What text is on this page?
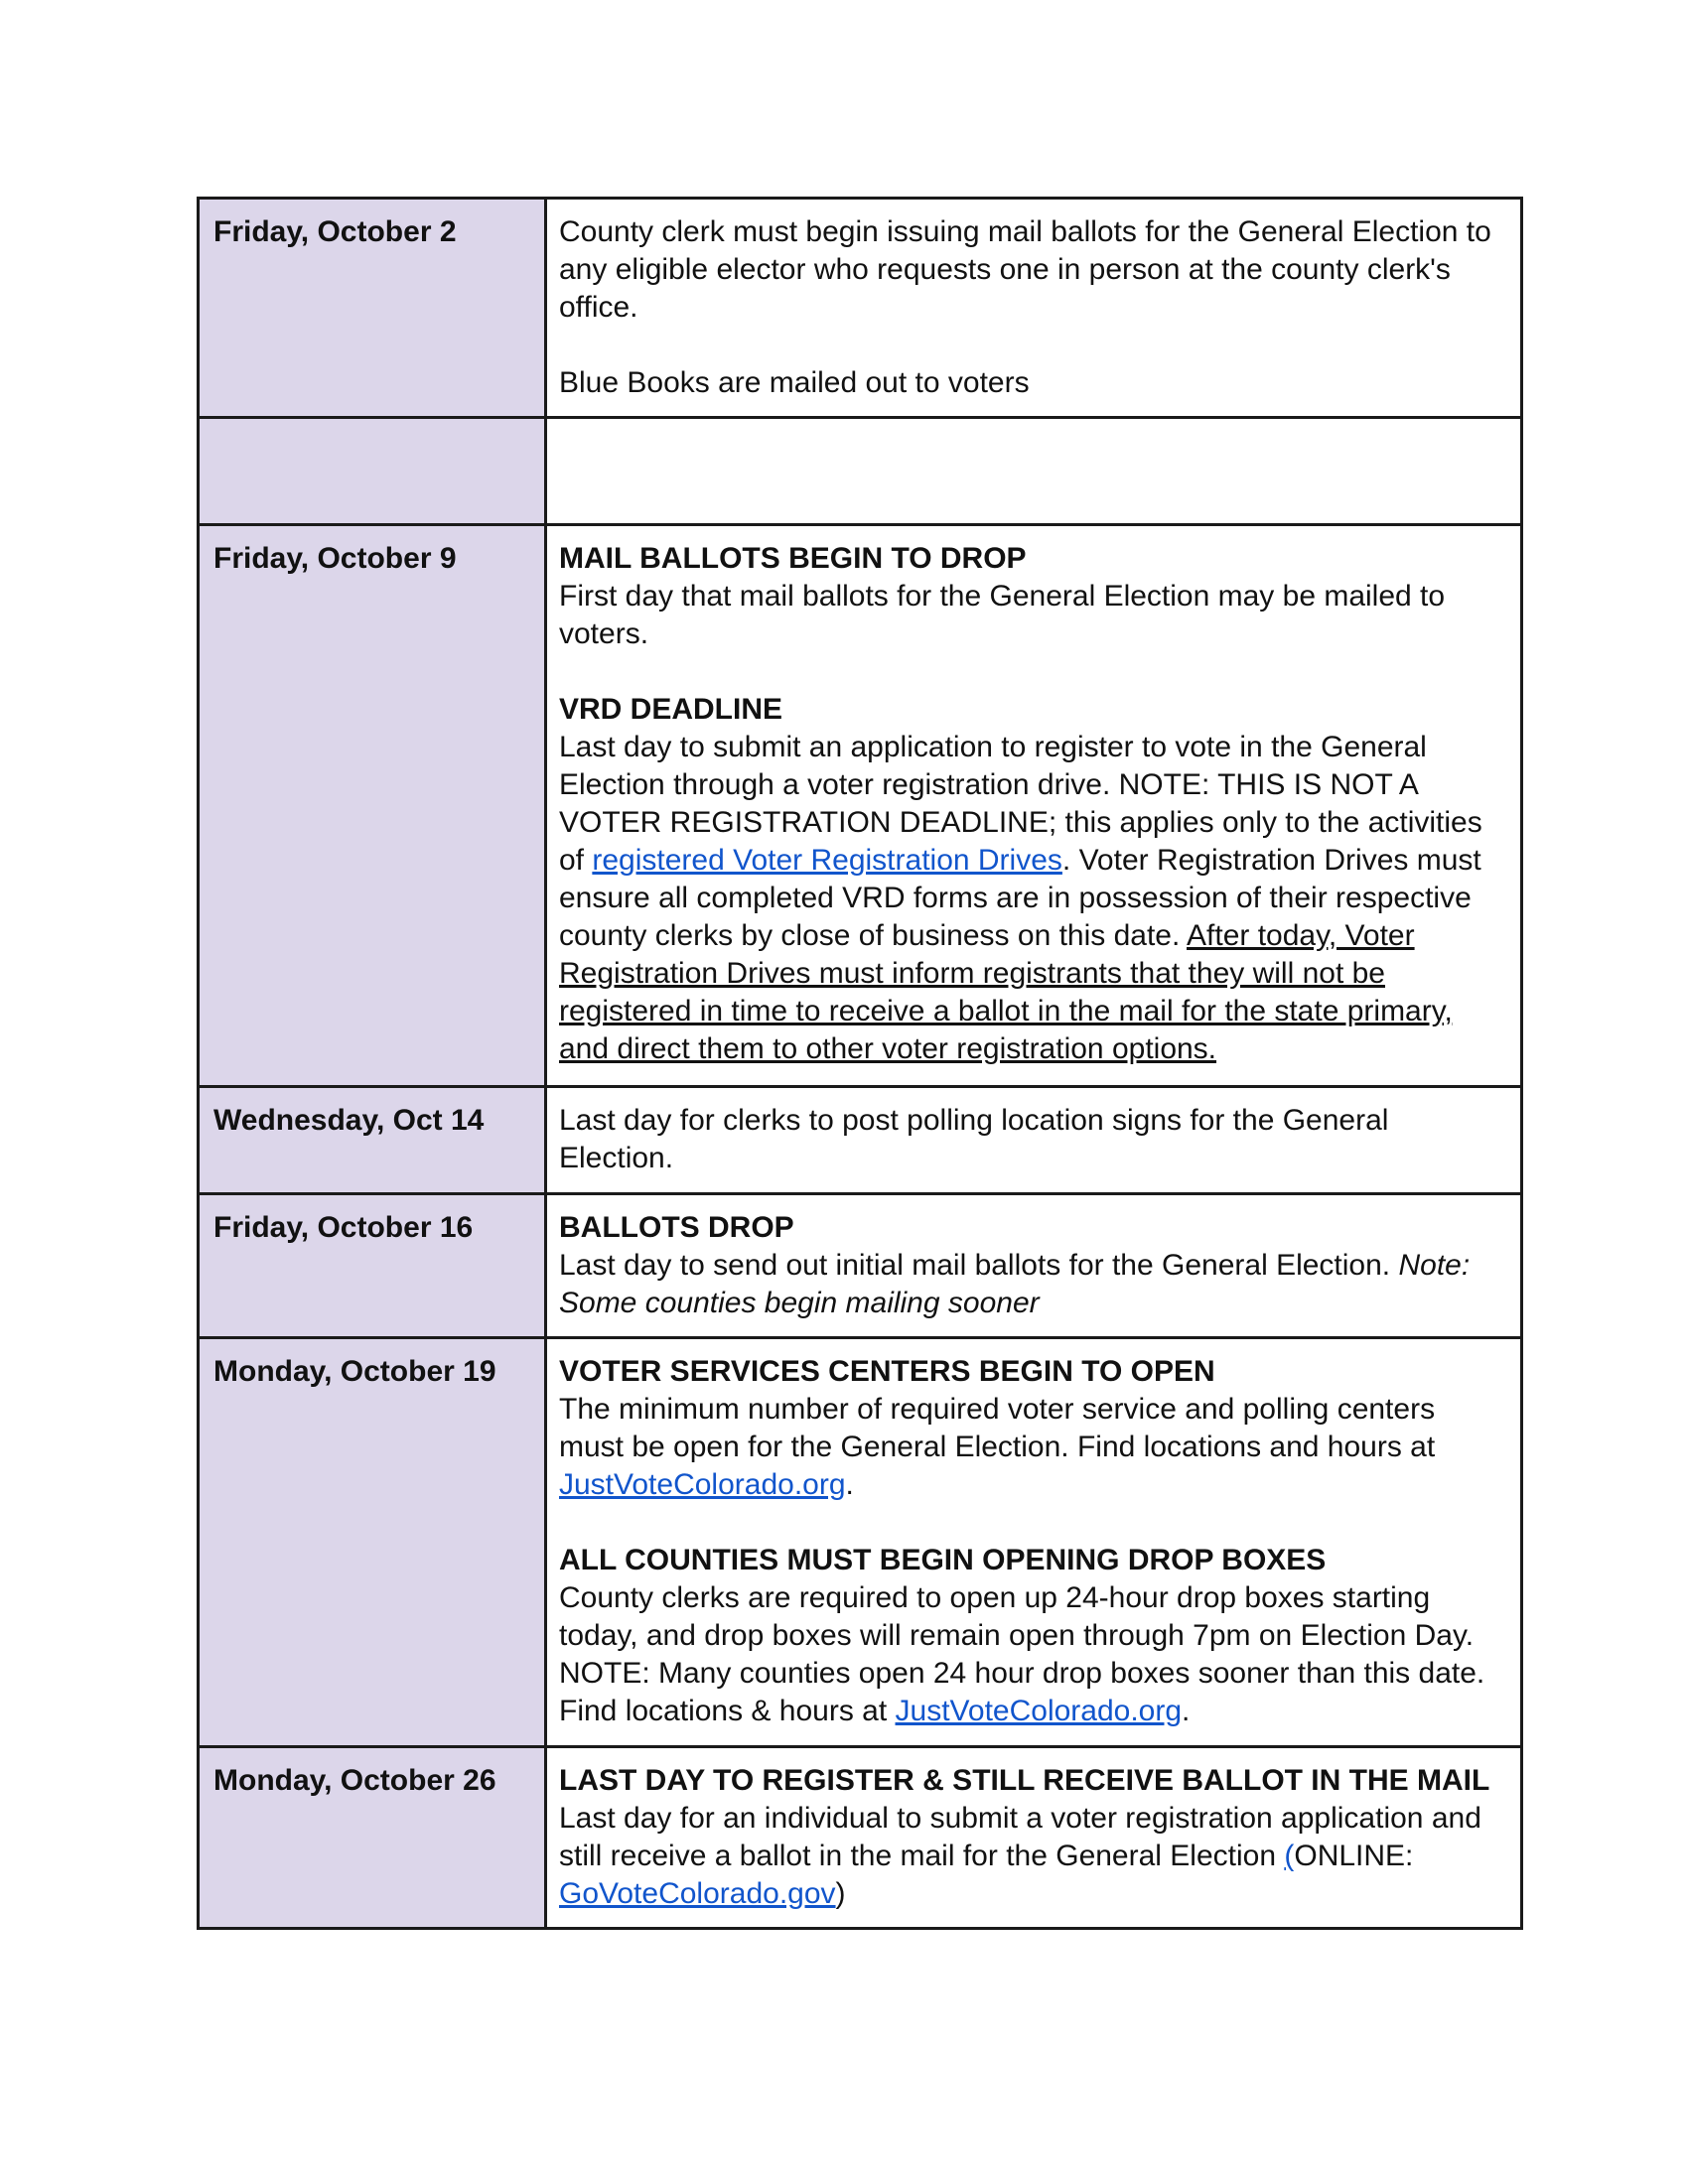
Friday, October 2	County clerk must begin issuing mail ballots for the General Election to any eligible elector who requests one in person at the county clerk's office.
Blue Books are mailed out to voters

Friday, October 9	MAIL BALLOTS BEGIN TO DROP
First day that mail ballots for the General Election may be mailed to voters.
VRD DEADLINE
Last day to submit an application to register to vote in the General Election through a voter registration drive. NOTE: THIS IS NOT A VOTER REGISTRATION DEADLINE; this applies only to the activities of registered Voter Registration Drives. Voter Registration Drives must ensure all completed VRD forms are in possession of their respective county clerks by close of business on this date. After today, Voter Registration Drives must inform registrants that they will not be registered in time to receive a ballot in the mail for the state primary, and direct them to other voter registration options.

Wednesday, Oct 14	Last day for clerks to post polling location signs for the General Election.

Friday, October 16	BALLOTS DROP
Last day to send out initial mail ballots for the General Election. Note: Some counties begin mailing sooner

Monday, October 19	VOTER SERVICES CENTERS BEGIN TO OPEN
The minimum number of required voter service and polling centers must be open for the General Election. Find locations and hours at JustVoteColorado.org.
ALL COUNTIES MUST BEGIN OPENING DROP BOXES
County clerks are required to open up 24-hour drop boxes starting today, and drop boxes will remain open through 7pm on Election Day. NOTE: Many counties open 24 hour drop boxes sooner than this date. Find locations & hours at JustVoteColorado.org.

Monday, October 26	LAST DAY TO REGISTER & STILL RECEIVE BALLOT IN THE MAIL
Last day for an individual to submit a voter registration application and still receive a ballot in the mail for the General Election (ONLINE: GoVoteColorado.gov)
